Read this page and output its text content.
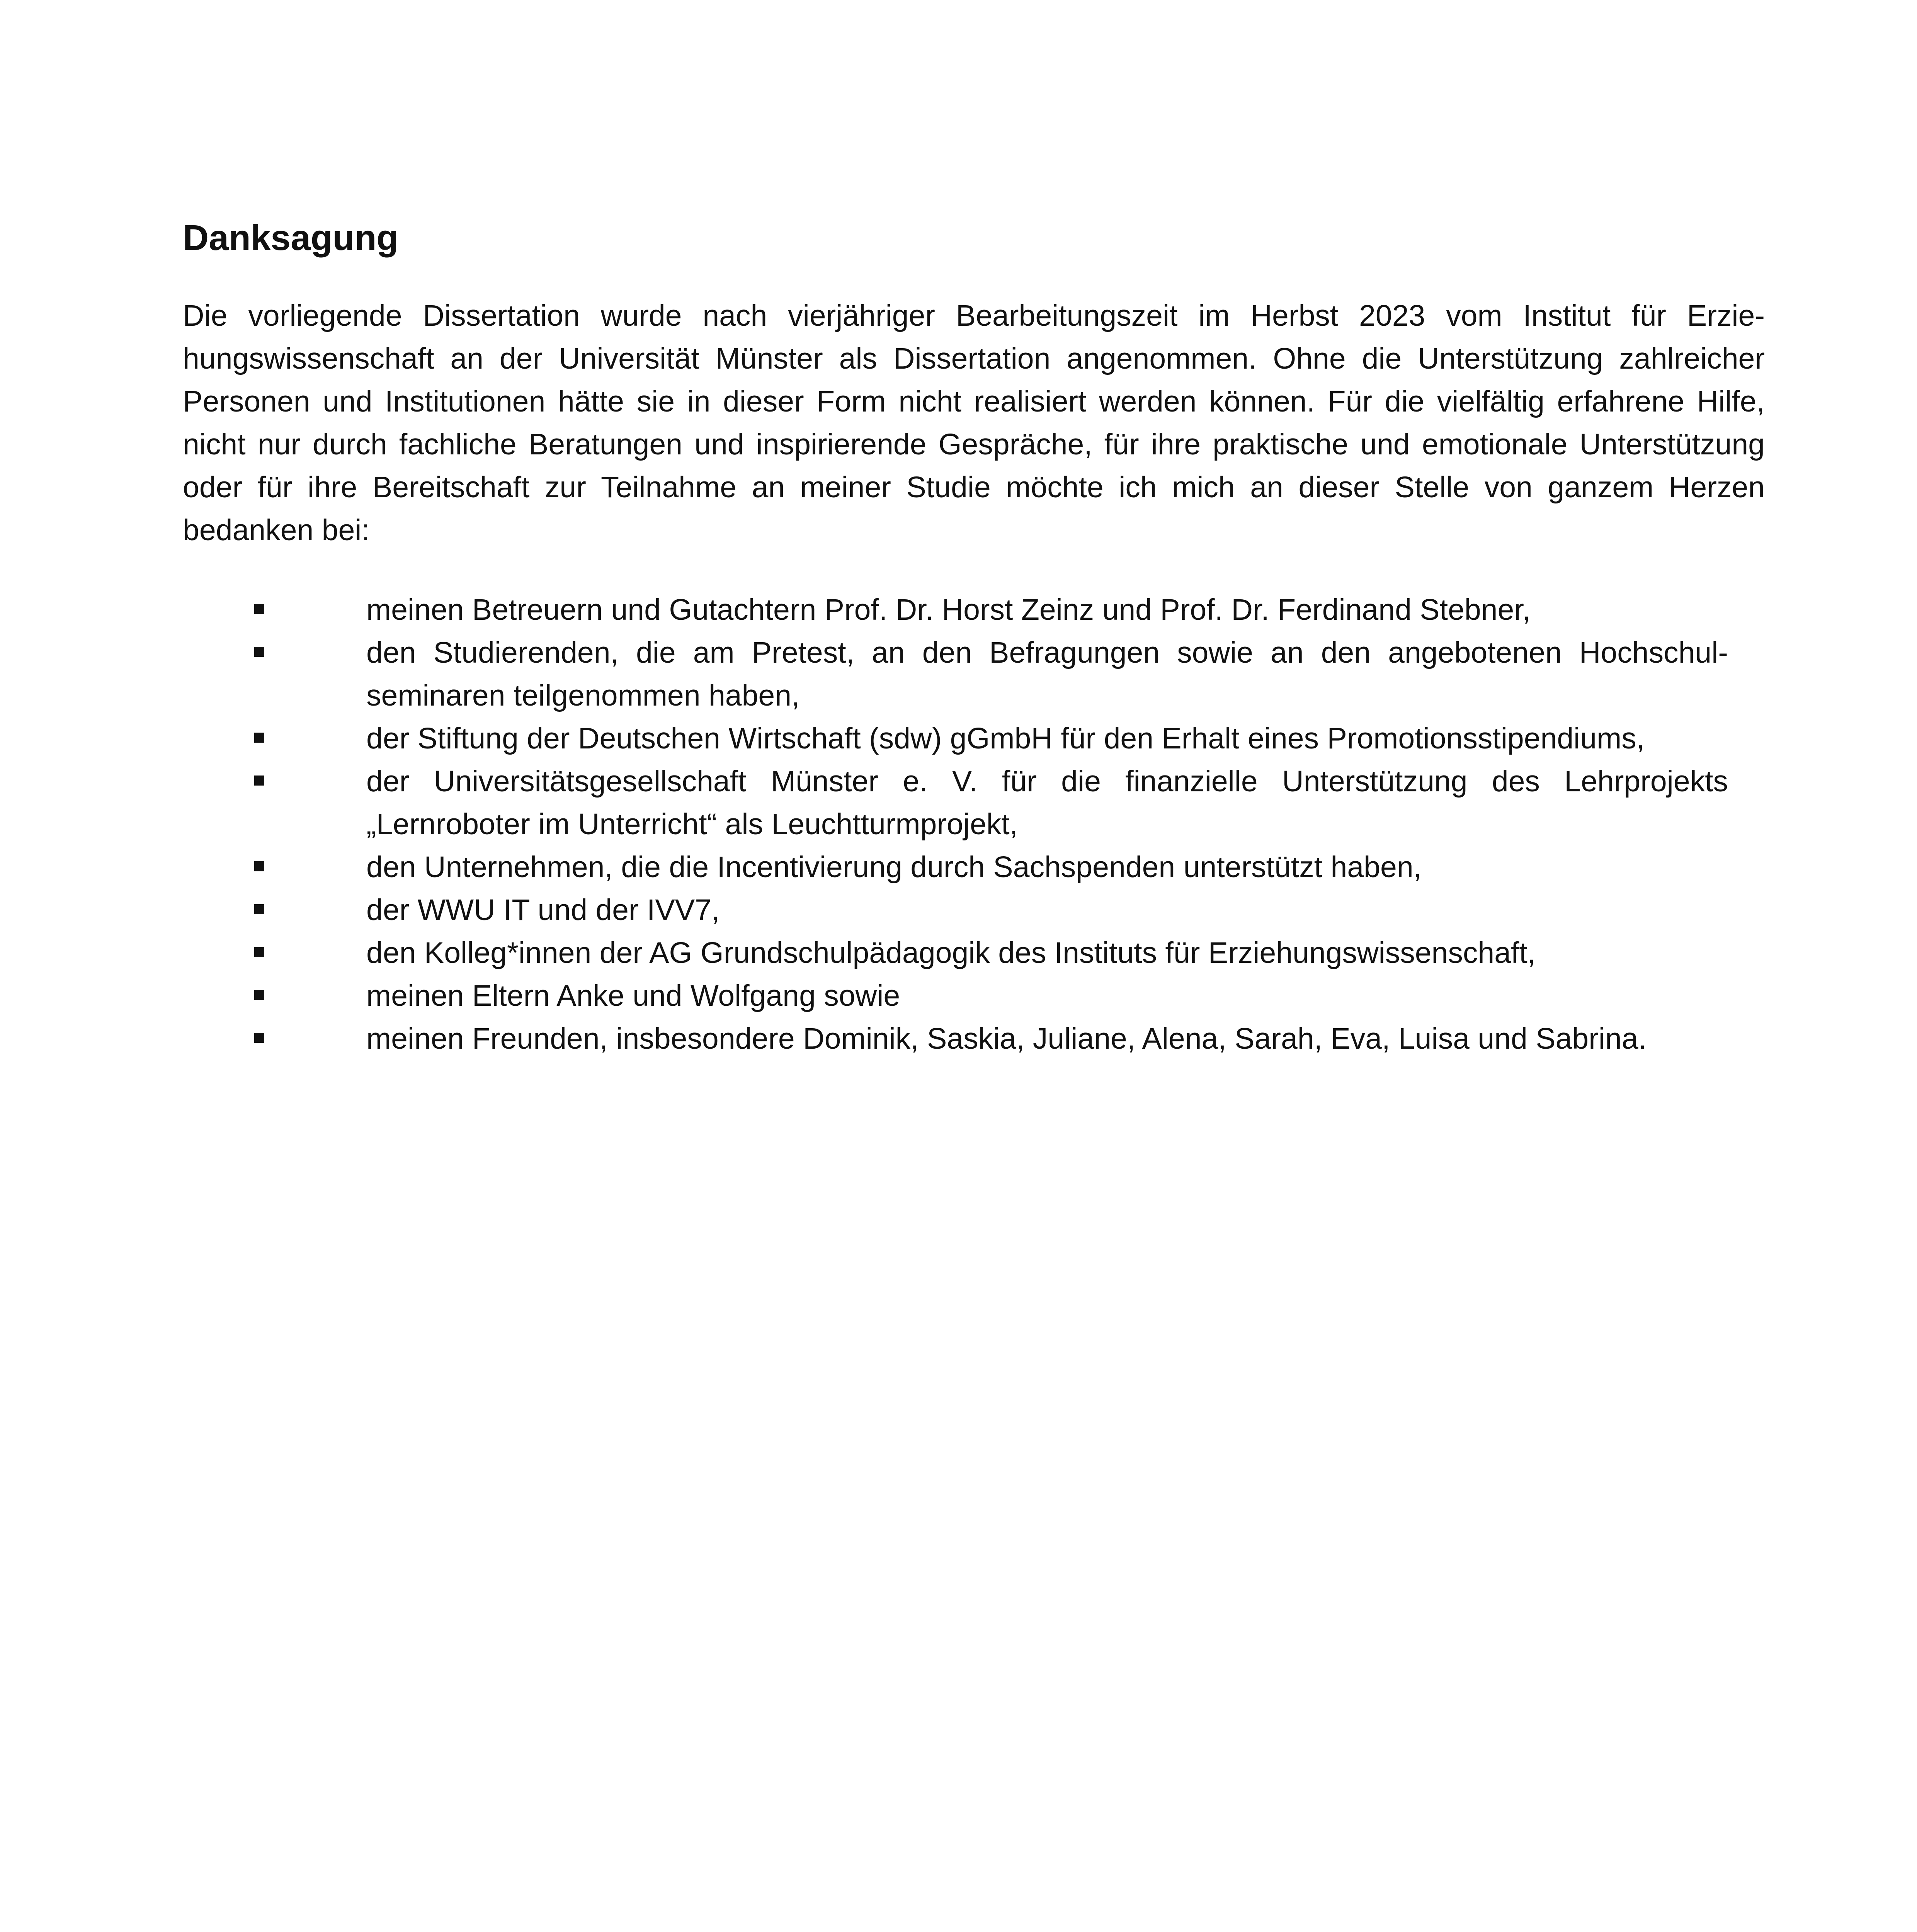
Danksagung

Die vorliegende Dissertation wurde nach vierjähriger Bearbeitungszeit im Herbst 2023 vom Institut für Erziehungswissenschaft an der Universität Münster als Dissertation angenommen. Ohne die Unterstützung zahlreicher Personen und Institutionen hätte sie in dieser Form nicht realisiert werden können. Für die vielfältig erfahrene Hilfe, nicht nur durch fachliche Beratungen und inspirierende Gespräche, für ihre praktische und emotionale Unterstützung oder für ihre Bereitschaft zur Teilnahme an meiner Studie möchte ich mich an dieser Stelle von ganzem Herzen bedanken bei:

meinen Betreuern und Gutachtern Prof. Dr. Horst Zeinz und Prof. Dr. Ferdinand Stebner,
den Studierenden, die am Pretest, an den Befragungen sowie an den angebotenen Hochschulseminaren teilgenommen haben,
der Stiftung der Deutschen Wirtschaft (sdw) gGmbH für den Erhalt eines Promotionsstipendiums,
der Universitätsgesellschaft Münster e. V. für die finanzielle Unterstützung des Lehrprojekts „Lernroboter im Unterricht“ als Leuchtturmprojekt,
den Unternehmen, die die Incentivierung durch Sachspenden unterstützt haben,
der WWU IT und der IVV7,
den Kolleg*innen der AG Grundschulpädagogik des Instituts für Erziehungswissenschaft,
meinen Eltern Anke und Wolfgang sowie
meinen Freunden, insbesondere Dominik, Saskia, Juliane, Alena, Sarah, Eva, Luisa und Sabrina.
